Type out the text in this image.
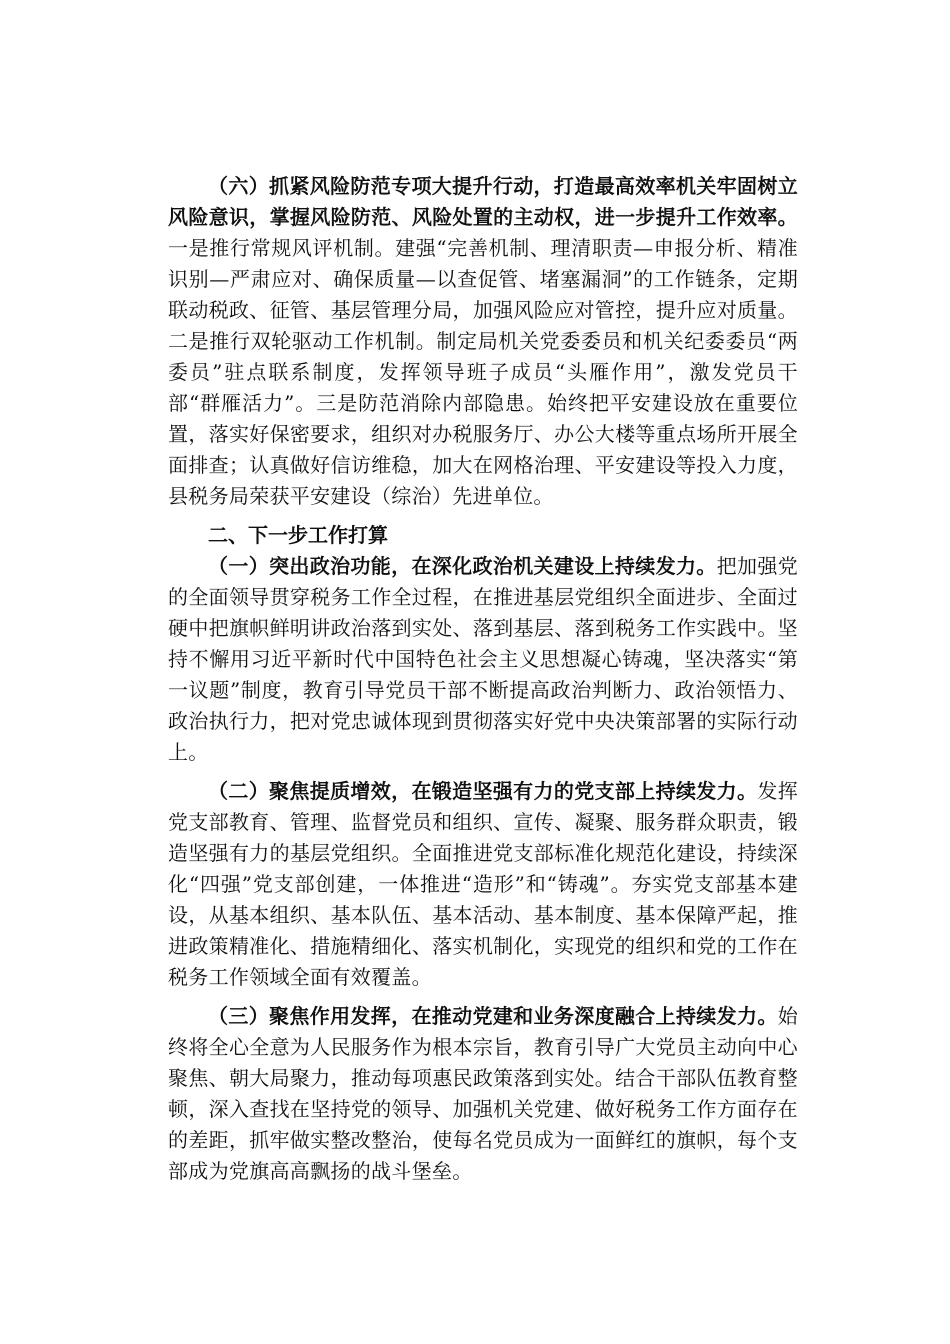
（六）抓紧风险防范专项大提升行动，打造最高效率机关牢固树立风险意识，掌握风险防范、风险处置的主动权，进一步提升工作效率。一是推行常规风评机制。建强“完善机制、理清职责—申报分析、精准识别—严肃应对、确保质量—以查促管、堵塞漏洞”的工作链条，定期联动税政、征管、基层管理分局，加强风险应对管控，提升应对质量。二是推行双轮驱动工作机制。制定局机关党委委员和机关纪委委员“两委员”驻点联系制度，发挥领导班子成员“头雁作用”，激发党员干部“群雁活力”。三是防范消除内部隐患。始终把平安建设放在重要位置，落实好保密要求，组织对办税服务厅、办公大楼等重点场所开展全面排查；认真做好信访维稳，加大在网格治理、平安建设等投入力度，县税务局荣获平安建设（综治）先进单位。

二、下一步工作打算

（一）突出政治功能，在深化政治机关建设上持续发力。把加强党的全面领导贯穿税务工作全过程，在推进基层党组织全面进步、全面过硬中把旗帜鲜明讲政治落到实处、落到基层、落到税务工作实践中。坚持不懈用习近平新时代中国特色社会主义思想凝心铸魂，坚决落实“第一议题”制度，教育引导党员干部不断提高政治判断力、政治领悟力、政治执行力，把对党忠诚体现到贯彻落实好党中央决策部署的实际行动上。

（二）聚焦提质增效，在锻造坚强有力的党支部上持续发力。发挥党支部教育、管理、监督党员和组织、宣传、凝聚、服务群众职责，锻造坚强有力的基层党组织。全面推进党支部标准化规范化建设，持续深化“四强”党支部创建，一体推进“造形”和“铸魂”。夯实党支部基本建设，从基本组织、基本队伍、基本活动、基本制度、基本保障严起，推进政策精准化、措施精细化、落实机制化，实现党的组织和党的工作在税务工作领域全面有效覆盖。

（三）聚焦作用发挥，在推动党建和业务深度融合上持续发力。始终将全心全意为人民服务作为根本宗旨，教育引导广大党员主动向中心聚焦、朝大局聚力，推动每项惠民政策落到实处。结合干部队伍教育整顿，深入查找在坚持党的领导、加强机关党建、做好税务工作方面存在的差距，抓牢做实整改整治，使每名党员成为一面鲜红的旗帜，每个支部成为党旗高高飘扬的战斗堡垒。
